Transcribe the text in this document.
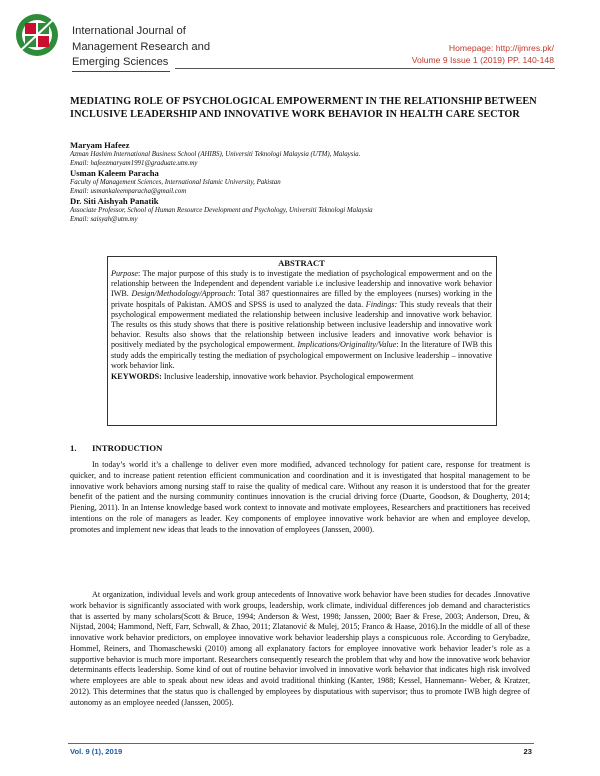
International Journal of
Management Research and
Emerging Sciences
Homepage: http://ijmres.pk/
Volume 9 Issue 1 (2019) PP. 140-148
MEDIATING ROLE OF PSYCHOLOGICAL EMPOWERMENT IN THE RELATIONSHIP BETWEEN INCLUSIVE LEADERSHIP AND INNOVATIVE WORK BEHAVIOR IN HEALTH CARE SECTOR
Maryam Hafeez
Azman Hashim International Business School (AHIBS), Universiti Teknologi Malaysia (UTM), Malaysia.
Email: hafeezmaryam1991@graduate.utm.my
Usman Kaleem Paracha
Faculty of Management Sciences, International Islamic University, Pakistan
Email: usmankaleemparacha@gmail.com
Dr. Siti Aishyah Panatik
Associate Professor, School of Human Resource Development and Psychology, Universiti Teknologi Malaysia
Email: saisyah@utm.my
ABSTRACT

Purpose: The major purpose of this study is to investigate the mediation of psychological empowerment and on the relationship between the Independent and dependent variable i.e inclusive leadership and innovative work behavior IWB. Design/Methodology/Approach: Total 387 questionnaires are filled by the employees (nurses) working in the private hospitals of Pakistan. AMOS and SPSS is used to analyzed the data. Findings: This study reveals that their psychological empowerment mediated the relationship between inclusive leadership and innovative work behavior. The results os this study shows that there is positive relationship between inclusive leadership and innovative work behavior. Results also shows that the relationship between inclusive leaders and innovative work behavior is positively mediated by the psychological empowerment. Implications/Originality/Value: In the literature of IWB this study adds the empirically testing the mediation of psychological empowerment on Inclusive leadership – innovative work behavior link.

KEYWORDS: Inclusive leadership, innovative work behavior. Psychological empowerment

1. INTRODUCTION

In today’s world it’s a challenge to deliver even more modified, advanced technology for patient care, response for treatment is quicker, and to increase patient retention efficient communication and coordination and it is investigated that hospital management to be innovative work behaviors among nursing staff to raise the quality of medical care. Without any reason it is understood that for the greater benefit of the patient and the nursing community continues innovation is the crucial driving force (Duarte, Goodson, & Dougherty, 2014; Piening, 2011). In an Intense knowledge based work context to innovate and motivate employees, Researchers and practitioners has received intentions on the role of managers as leader. Key components of employee innovative work behavior are when and employee develop, promotes and implement new ideas that leads to the innovation of employees (Janssen, 2000).

At organization, individual levels and work group antecedents of Innovative work behavior have been studies for decades .Innovative work behavior is significantly associated with work groups, leadership, work climate, individual differences job demand and characteristics that is asserted by many scholars(Scott & Bruce, 1994; Anderson & West, 1998; Janssen, 2000; Baer & Frese, 2003; Anderson, Dreu, & Nijstad, 2004; Hammond, Neff, Farr, Schwall, & Zhao, 2011; Zlatanović & Mulej, 2015; Franco & Haase, 2016).In the middle of all of these innovative work behavior predictors, on employee innovative work behavior leadership plays a conspicuous role. According to Gerybadze, Hommel, Reiners, and Thomaschewski (2010) among all explanatory factors for employee innovative work behavior leader’s role as a supportive behavior is much more important. Researchers consequently research the problem that why and how the innovative work behavior determinants effects leadership. Some kind of out of routine behavior involved in innovative work behavior that indicates high risk involved where employees are able to speak about new ideas and avoid traditional thinking (Kanter, 1988; Kessel, Hannemann- Weber, & Kratzer, 2012). This determines that the status quo is challenged by employees by disputatious with supervisor; thus to promote IWB high degree of autonomy as an employee needed (Janssen, 2005).

Vol. 9 (1), 2019	23
